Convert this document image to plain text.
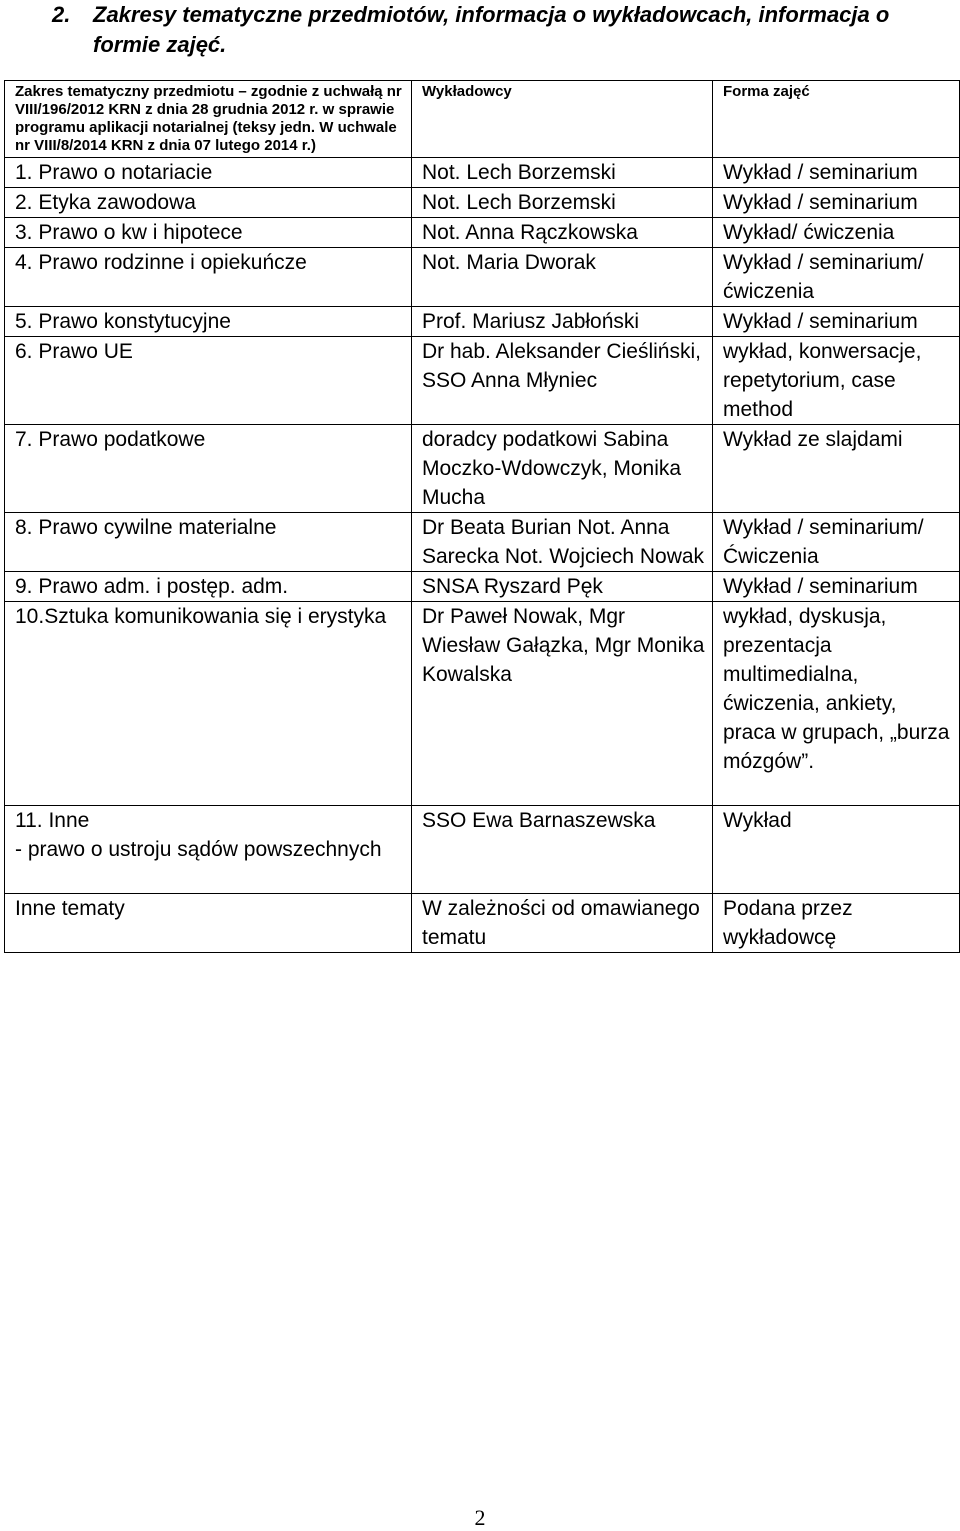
2. Zakresy tematyczne przedmiotów, informacja o wykładowcach, informacja o formie zajęć.
Zakres tematyczny przedmiotu – zgodnie z uchwałą nr VIII/196/2012 KRN z dnia 28 grudnia 2012 r. w sprawie programu aplikacji notarialnej (teksy jedn. W uchwale nr VIII/8/2014 KRN z dnia 07 lutego 2014 r.)	Wykładowcy	Forma zajęć
1. Prawo o notariacie	Not. Lech Borzemski	Wykład / seminarium
2. Etyka zawodowa	Not. Lech Borzemski	Wykład / seminarium
3. Prawo o kw i hipotece	Not. Anna Rączkowska	Wykład/ ćwiczenia
4. Prawo rodzinne i opiekuńcze	Not. Maria Dworak	Wykład / seminarium/ ćwiczenia
5. Prawo konstytucyjne	Prof. Mariusz Jabłoński	Wykład / seminarium
6. Prawo UE	Dr hab. Aleksander Cieśliński, SSO Anna Młyniec	wykład, konwersacje, repetytorium, case method
7. Prawo podatkowe	doradcy podatkowi Sabina Moczko-Wdowczyk, Monika Mucha	Wykład ze slajdami
8. Prawo cywilne materialne	Dr Beata Burian Not. Anna Sarecka Not. Wojciech Nowak	Wykład / seminarium/ Ćwiczenia
9. Prawo adm. i postęp. adm.	SNSA Ryszard Pęk	Wykład / seminarium
10.Sztuka komunikowania się i erystyka	Dr Paweł Nowak, Mgr Wiesław Gałązka, Mgr Monika Kowalska	wykład, dyskusja, prezentacja multimedialna, ćwiczenia, ankiety, praca w grupach, „burza mózgów”.

11. Inne
- prawo o ustroju sądów powszechnych	SSO Ewa Barnaszewska	Wykład
Inne tematy	W zależności od omawianego tematu	Podana przez wykładowcę
2
